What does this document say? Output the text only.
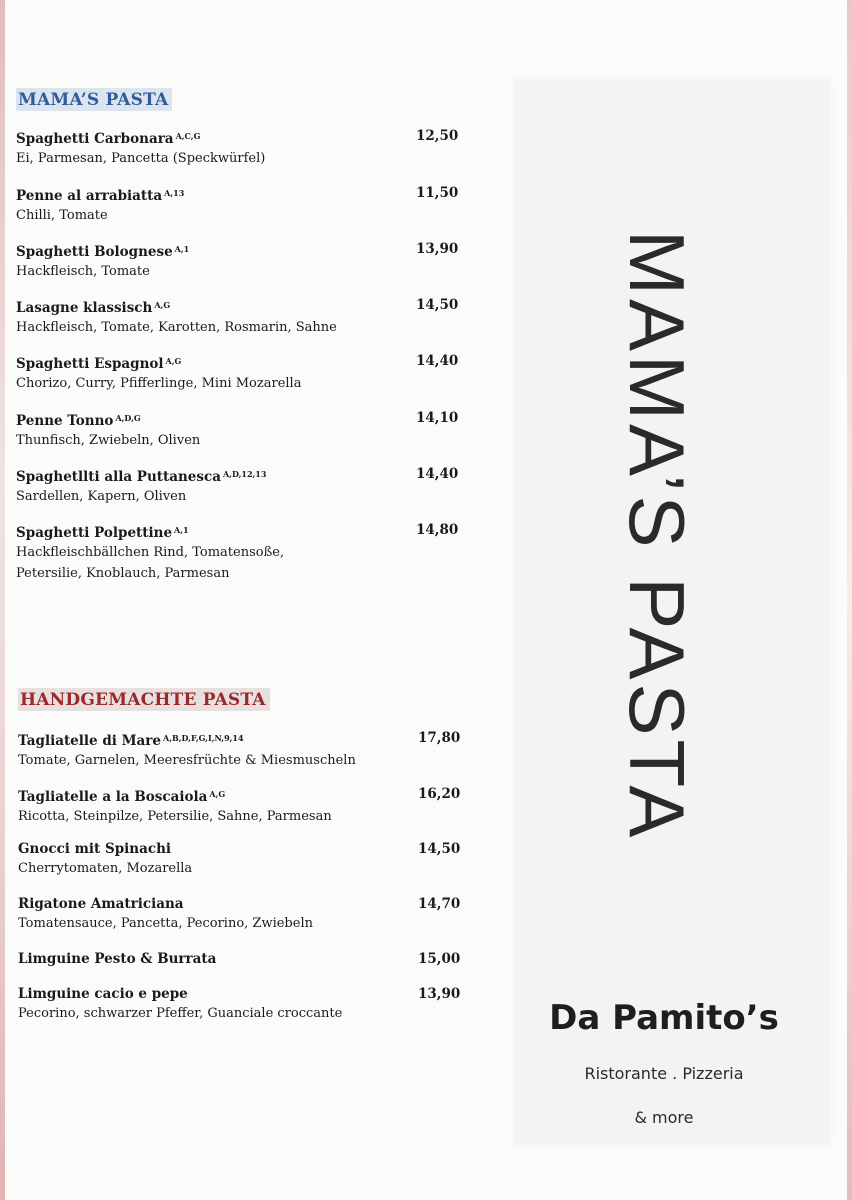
MAMA’S PASTA
Spaghetti Carbonara $^{A,C,G}$
Ei, Parmesan, Pancetta (Speckwürfel)
12,50
Penne al arrabiatta $^{A,13}$
Chilli, Tomate
11,50
Spaghetti Bolognese $^{A,1}$
Hackfleisch, Tomate
13,90
Lasagne klassisch $^{A,G}$
Hackfleisch, Tomate, Karotten, Rosmarin, Sahne
14,50
Spaghetti Espagnol $^{A,G}$
Chorizo, Curry, Pfifferlinge, Mini Mozarella
14,40
Penne Tonno $^{A,D,G}$
Thunfisch, Zwiebeln, Oliven
14,10
Spaghetllti alla Puttanesca $^{A,D,12,13}$
Sardellen, Kapern, Oliven
14,40
Spaghetti Polpettine $^{A,1}$
Hackfleischbällchen Rind, Tomatensoße,
Petersilie, Knoblauch, Parmesan
14,80
HANDGEMACHTE PASTA
Tagliatelle di Mare $^{A,B,D,F,G,I,N,9,14}$
Tomate, Garnelen, Meeresfrüchte & Miesmuscheln
17,80
Tagliatelle a la Boscaiola $^{A,G}$
Ricotta, Steinpilze, Petersilie, Sahne, Parmesan
16,20
Gnocci mit Spinachi
Cherrytomaten, Mozarella
14,50
Rigatone Amatriciana
Tomatensauce, Pancetta, Pecorino, Zwiebeln
14,70
Limguine Pesto & Burrata	15,00
Limguine cacio e pepe
Pecorino, schwarzer Pfeffer, Guanciale croccante
13,90
MAMA’S PASTA
Da Pamito’s
Ristorante . Pizzeria
& more
